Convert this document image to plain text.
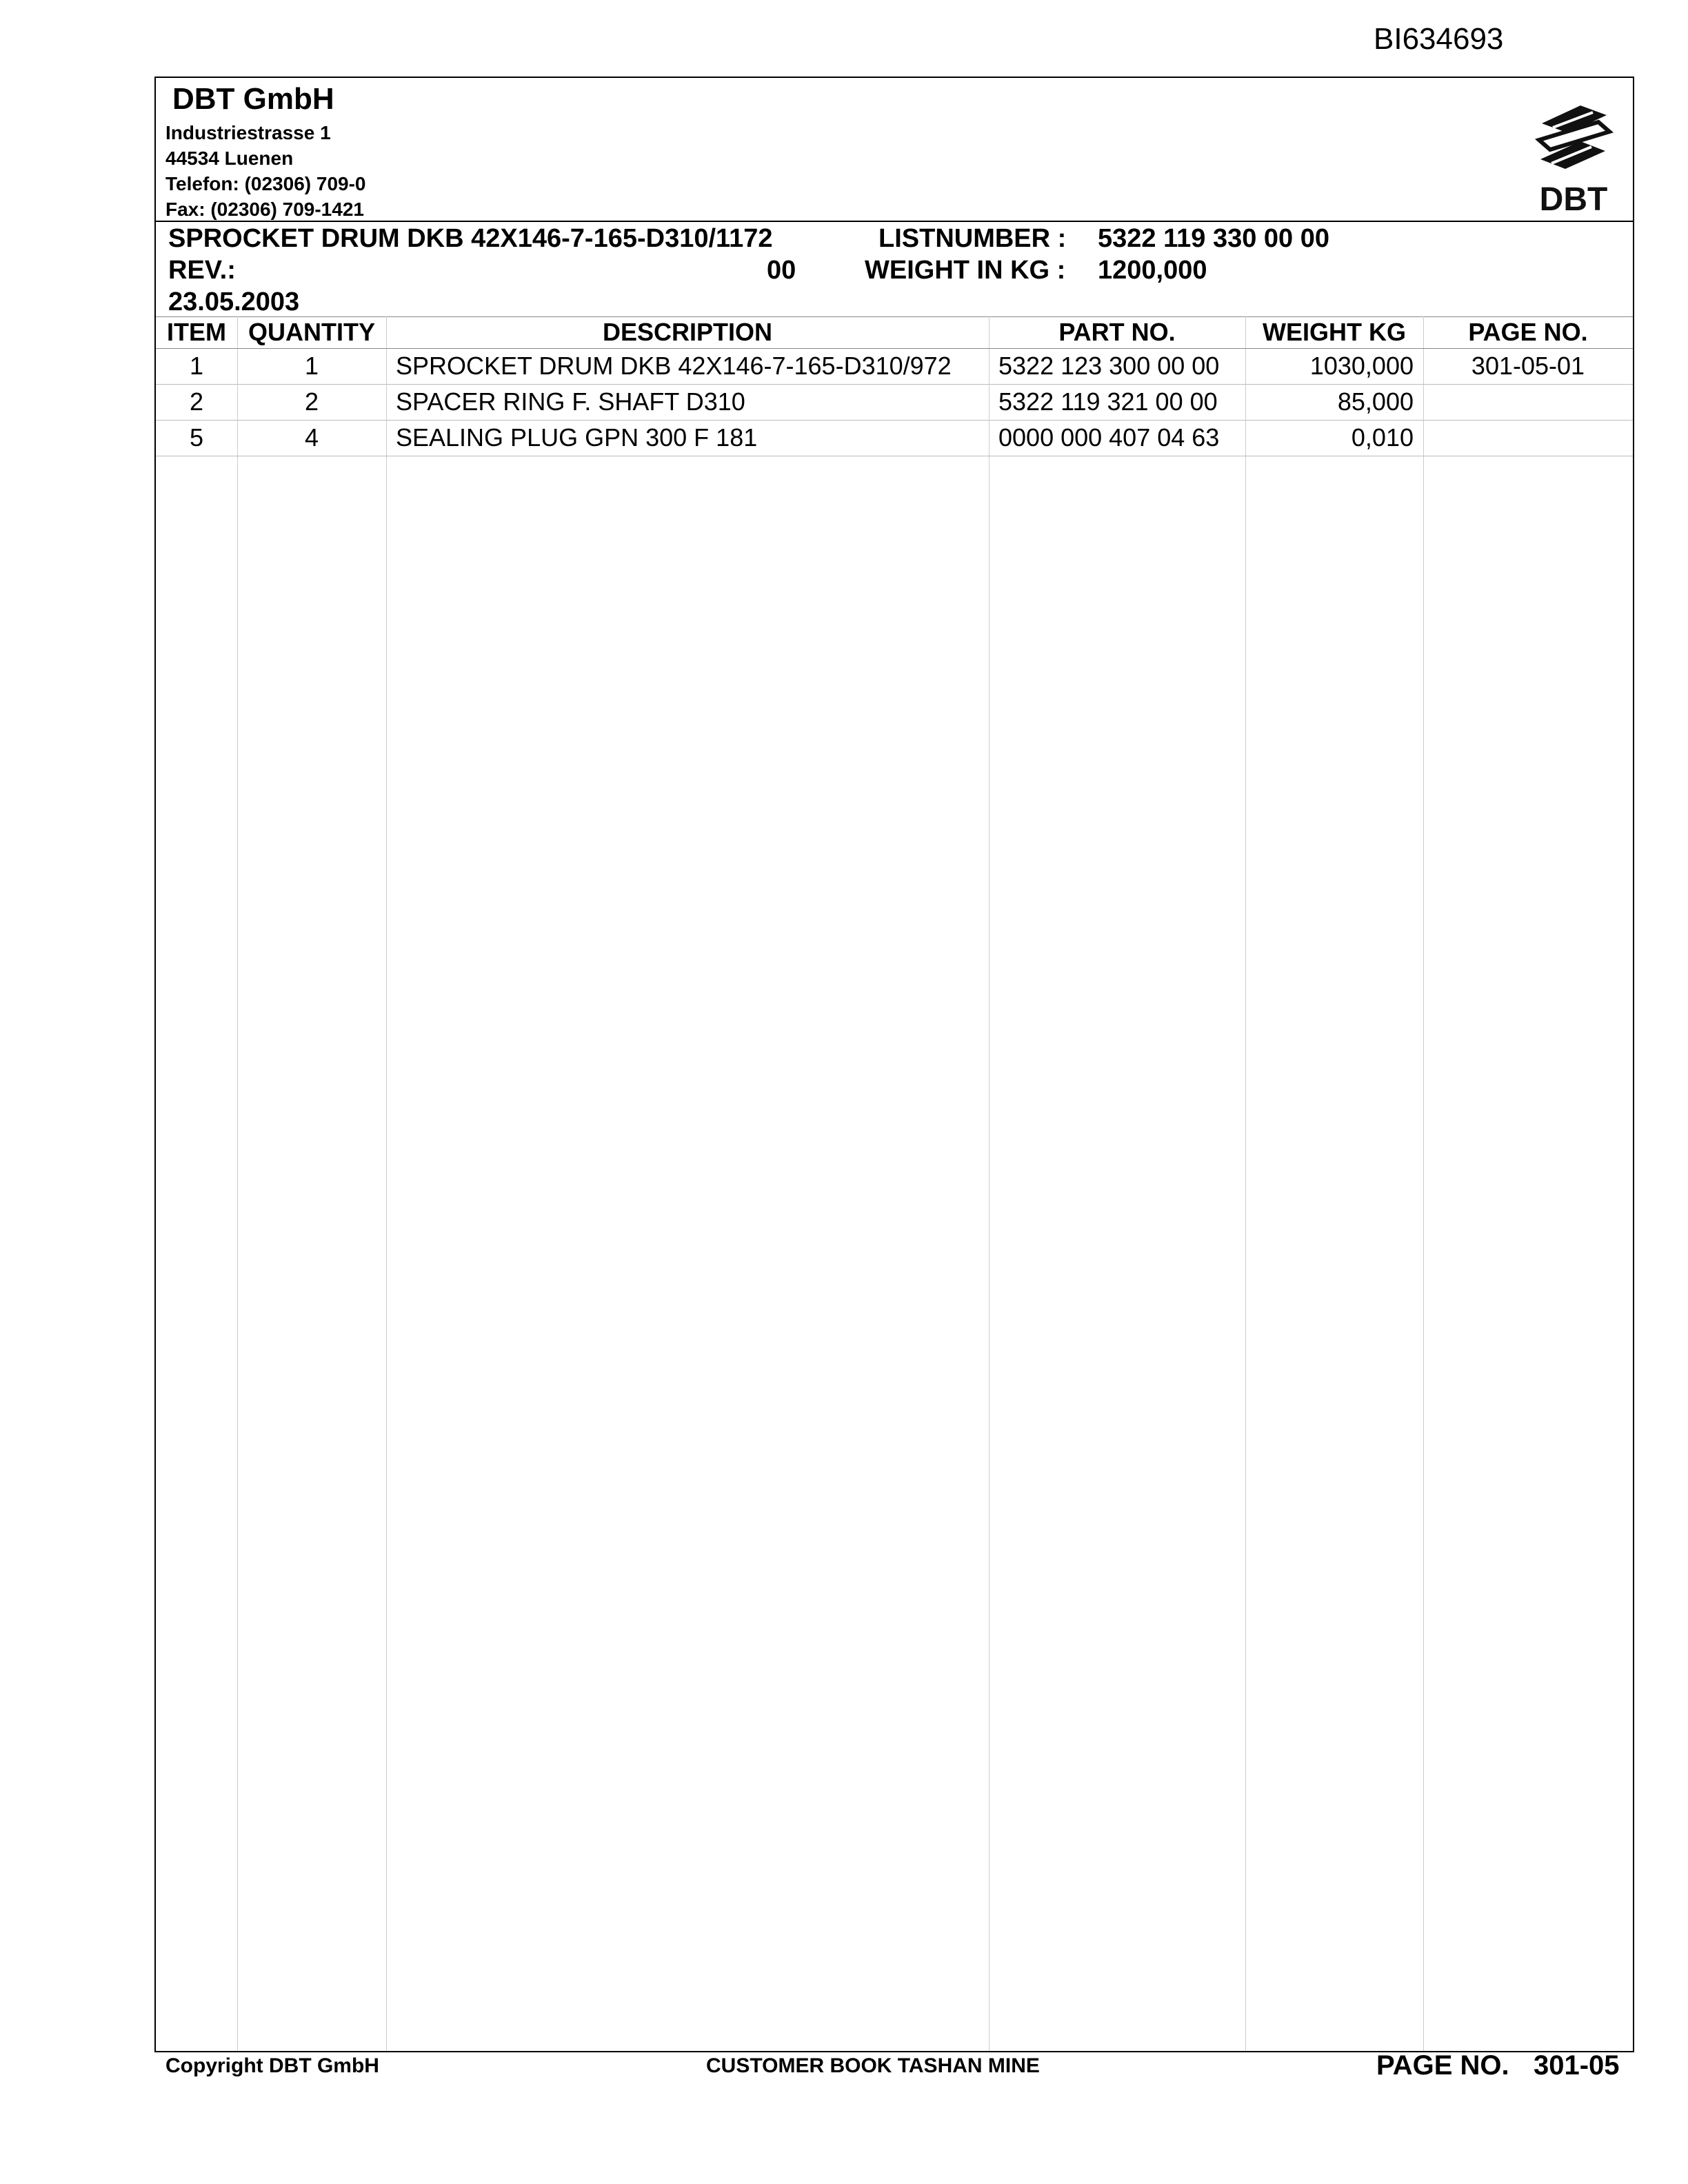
BI634693
DBT GmbH
Industriestrasse 1
44534 Luenen
Telefon: (02306) 709-0
Fax: (02306) 709-1421	DBT
SPROCKET DRUM DKB 42X146-7-165-D310/1172	LISTNUMBER : 5322 119 330 00 00
REV.:	00	WEIGHT IN KG : 1200,000
23.05.2003
ITEM	QUANTITY	DESCRIPTION	PART NO.	WEIGHT KG	PAGE NO.
1	1	SPROCKET DRUM DKB 42X146-7-165-D310/972	5322 123 300 00 00	1030,000	301-05-01
2	2	SPACER RING F. SHAFT D310	5322 119 321 00 00	85,000	
5	4	SEALING PLUG GPN 300 F 181	0000 000 407 04 63	0,010	
Copyright DBT GmbH	CUSTOMER BOOK TASHAN MINE	PAGE NO. 301-05
